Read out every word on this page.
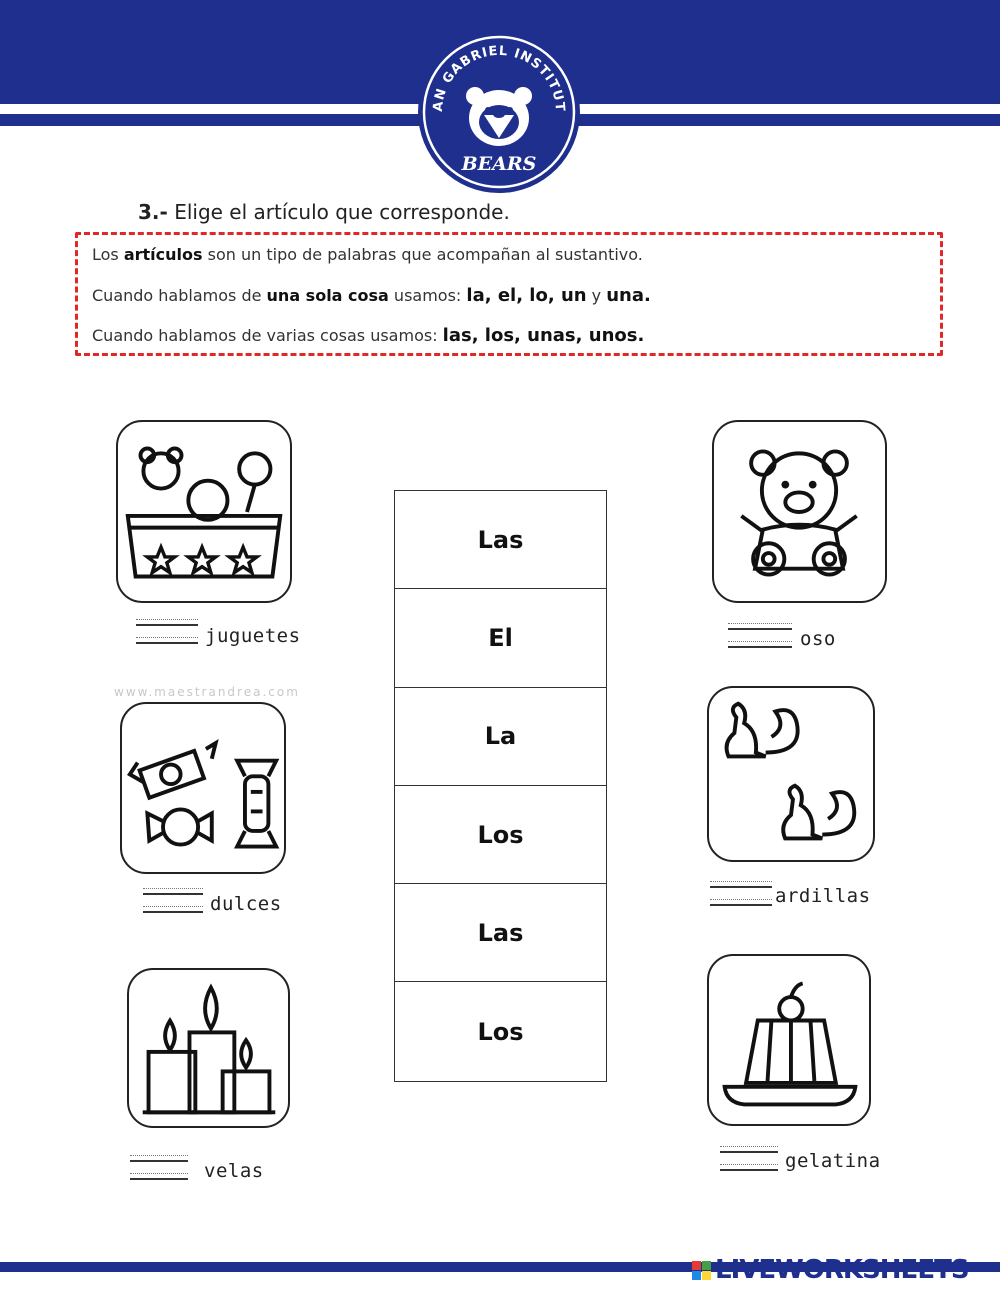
AN GABRIEL INSTITUT
BEARS
3.- Elige el artículo que corresponde.
Los artículos son un tipo de palabras que acompañan al sustantivo.
Cuando hablamos de una sola cosa usamos: la, el, lo, un y una.
Cuando hablamos de varias cosas usamos: las, los, unas, unos.
juguetes
www.maestrandrea.com
dulces
velas
Las
El
La
Los
Las
Los
oso
ardillas
gelatina
LIVEWORKSHEETS
